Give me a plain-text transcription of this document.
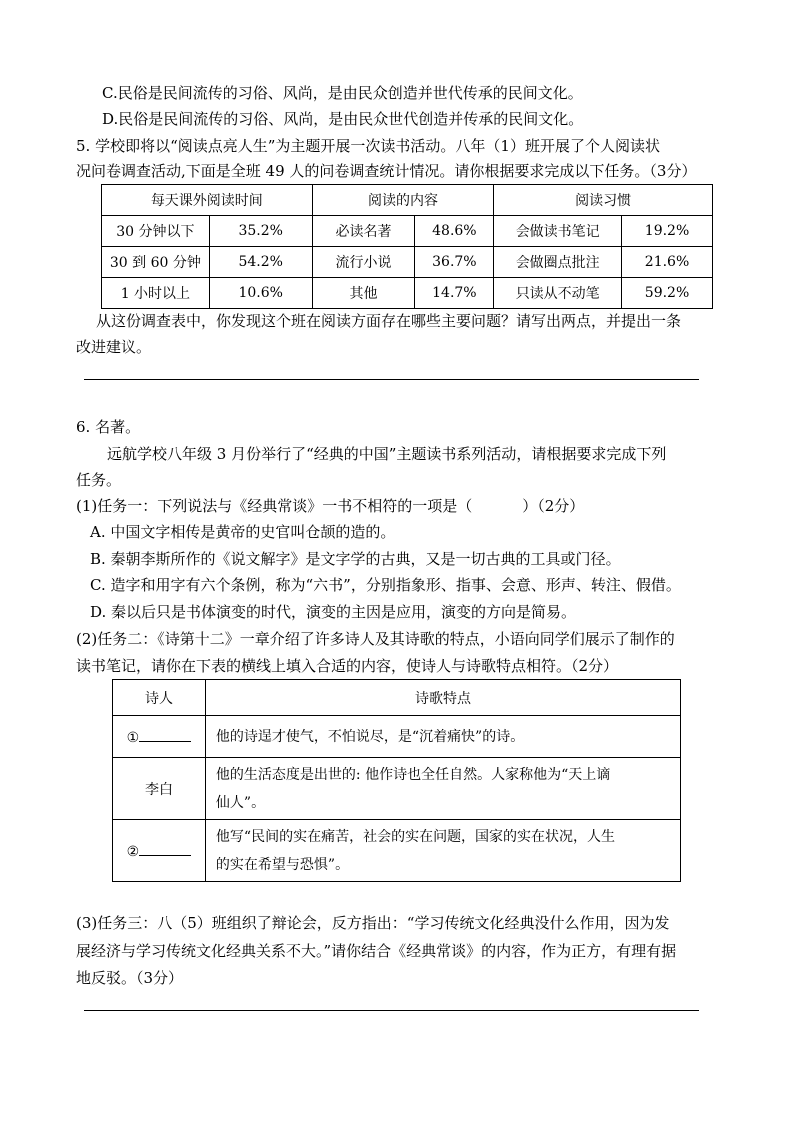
C.民俗是民间流传的习俗、风尚，是由民众创造并世代传承的民间文化。
D.民俗是民间流传的习俗、风尚，是由民众世代创造并传承的民间文化。
5. 学校即将以“阅读点亮人生”为主题开展一次读书活动。八年（1）班开展了个人阅读状
况问卷调查活动,下面是全班 49 人的问卷调查统计情况。请你根据要求完成以下任务。（3分）
每天课外阅读时间		阅读的内容		阅读习惯	
30 分钟以下	35.2%	必读名著	48.6%	会做读书笔记	19.2%
30 到 60 分钟	54.2%	流行小说	36.7%	会做圈点批注	21.6%
1 小时以上	10.6%	其他	14.7%	只读从不动笔	59.2%
从这份调查表中，你发现这个班在阅读方面存在哪些主要问题？请写出两点，并提出一条
改进建议。
6. 名著。
远航学校八年级 3 月份举行了“经典的中国”主题读书系列活动，请根据要求完成下列
任务。
(1)任务一：下列说法与《经典常谈》一书不相符的一项是（	）（2分）
A. 中国文字相传是黄帝的史官叫仓颉的造的。
B. 秦朝李斯所作的《说文解字》是文字学的古典，又是一切古典的工具或门径。
C. 造字和用字有六个条例，称为“六书”，分别指象形、指事、会意、形声、转注、假借。
D. 秦以后只是书体演变的时代，演变的主因是应用，演变的方向是简易。
(2)任务二：《诗第十二》一章介绍了许多诗人及其诗歌的特点，小语向同学们展示了制作的
读书笔记，请你在下表的横线上填入合适的内容，使诗人与诗歌特点相符。（2分）
诗人	诗歌特点
①	他的诗逞才使气，不怕说尽，是“沉着痛快”的诗。

李白	他的生活态度是出世的: 他作诗也全任自然。人家称他为“天上谪
仙人”。

②	他写“民间的实在痛苦，社会的实在问题，国家的实在状况，人生
的实在希望与恐惧”。
(3)任务三：八（5）班组织了辩论会，反方指出：“学习传统文化经典没什么作用，因为发
展经济与学习传统文化经典关系不大。”请你结合《经典常谈》的内容，作为正方，有理有据
地反驳。（3分）
